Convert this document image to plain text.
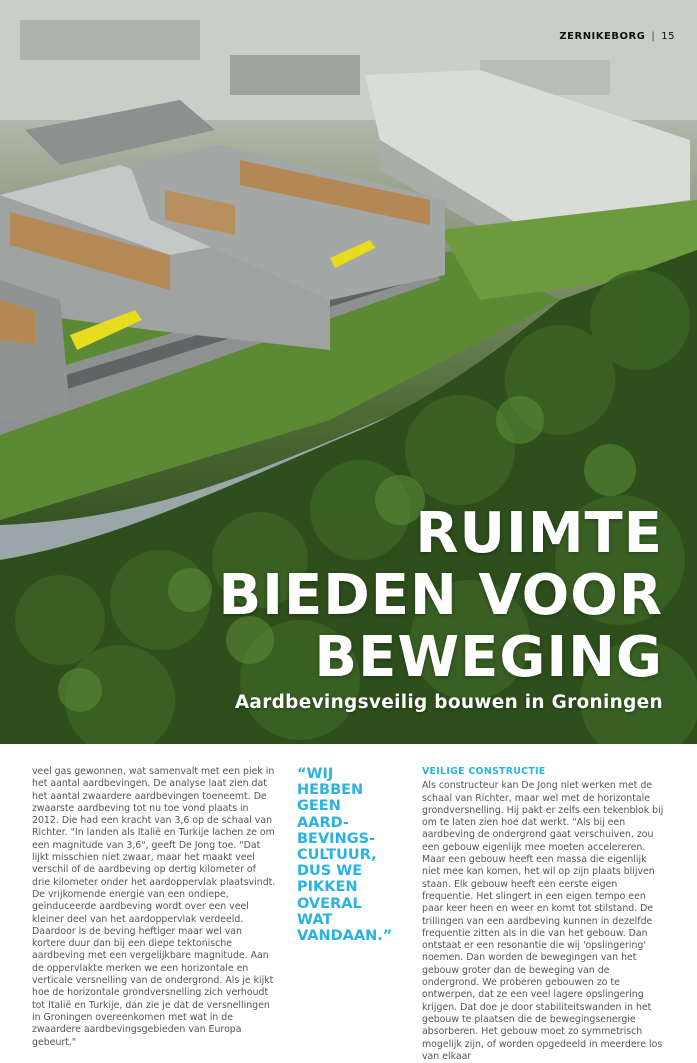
ZERNIKEBORG | 15
RUIMTE
BIEDEN VOOR
BEWEGING

Aardbevingsveilig bouwen in Groningen

veel gas gewonnen, wat samenvalt met een piek in het aantal aardbevingen. De analyse laat zien dat het aantal zwaardere aardbevingen toeneemt. De zwaarste aardbeving tot nu toe vond plaats in 2012. Die had een kracht van 3,6 op de schaal van Richter. "In landen als Italië en Turkije lachen ze om een magnitude van 3,6", geeft De Jong toe. "Dat lijkt misschien niet zwaar, maar het maakt veel verschil of de aardbeving op dertig kilometer of drie kilometer onder het aardoppervlak plaatsvindt. De vrijkomende energie van een ondiepe, geïnduceerde aardbeving wordt over een veel kleiner deel van het aardoppervlak verdeeld. Daardoor is de beving heftiger maar wel van kortere duur dan bij een diepe tektonische aardbeving met een vergelijkbare magnitude. Aan de oppervlakte merken we een horizontale en verticale versnelling van de ondergrond. Als je kijkt hoe de horizontale grondversnelling zich verhoudt tot Italië en Turkije, dan zie je dat de versnellingen in Groningen overeenkomen met wat in de zwaardere aardbevingsgebieden van Europa gebeurt."

“WIJ
HEBBEN
GEEN
AARD-
BEVINGS-
CULTUUR,
DUS WE
PIKKEN
OVERAL
WAT
VANDAAN.”

VEILIGE CONSTRUCTIE

Als constructeur kan De Jong niet werken met de schaal van Richter, maar wel met de horizontale grondversnelling. Hij pakt er zelfs een tekenblok bij om te laten zien hoe dat werkt. "Als bij een aardbeving de ondergrond gaat verschuiven, zou een gebouw eigenlijk mee moeten accelereren. Maar een gebouw heeft een massa die eigenlijk niet mee kan komen, het wil op zijn plaats blijven staan. Elk gebouw heeft een eerste eigen frequentie. Het slingert in een eigen tempo een paar keer heen en weer en komt tot stilstand. De trillingen van een aardbeving kunnen in dezelfde frequentie zitten als in die van het gebouw. Dan ontstaat er een resonantie die wij 'opslingering' noemen. Dan worden de bewegingen van het gebouw groter dan de beweging van de ondergrond. We proberen gebouwen zo te ontwerpen, dat ze een veel lagere opslingering krijgen. Dat doe je door stabiliteitswanden in het gebouw te plaatsen die de bewegingsenergie absorberen. Het gebouw moet zo symmetrisch mogelijk zijn, of worden opgedeeld in meerdere los van elkaar
